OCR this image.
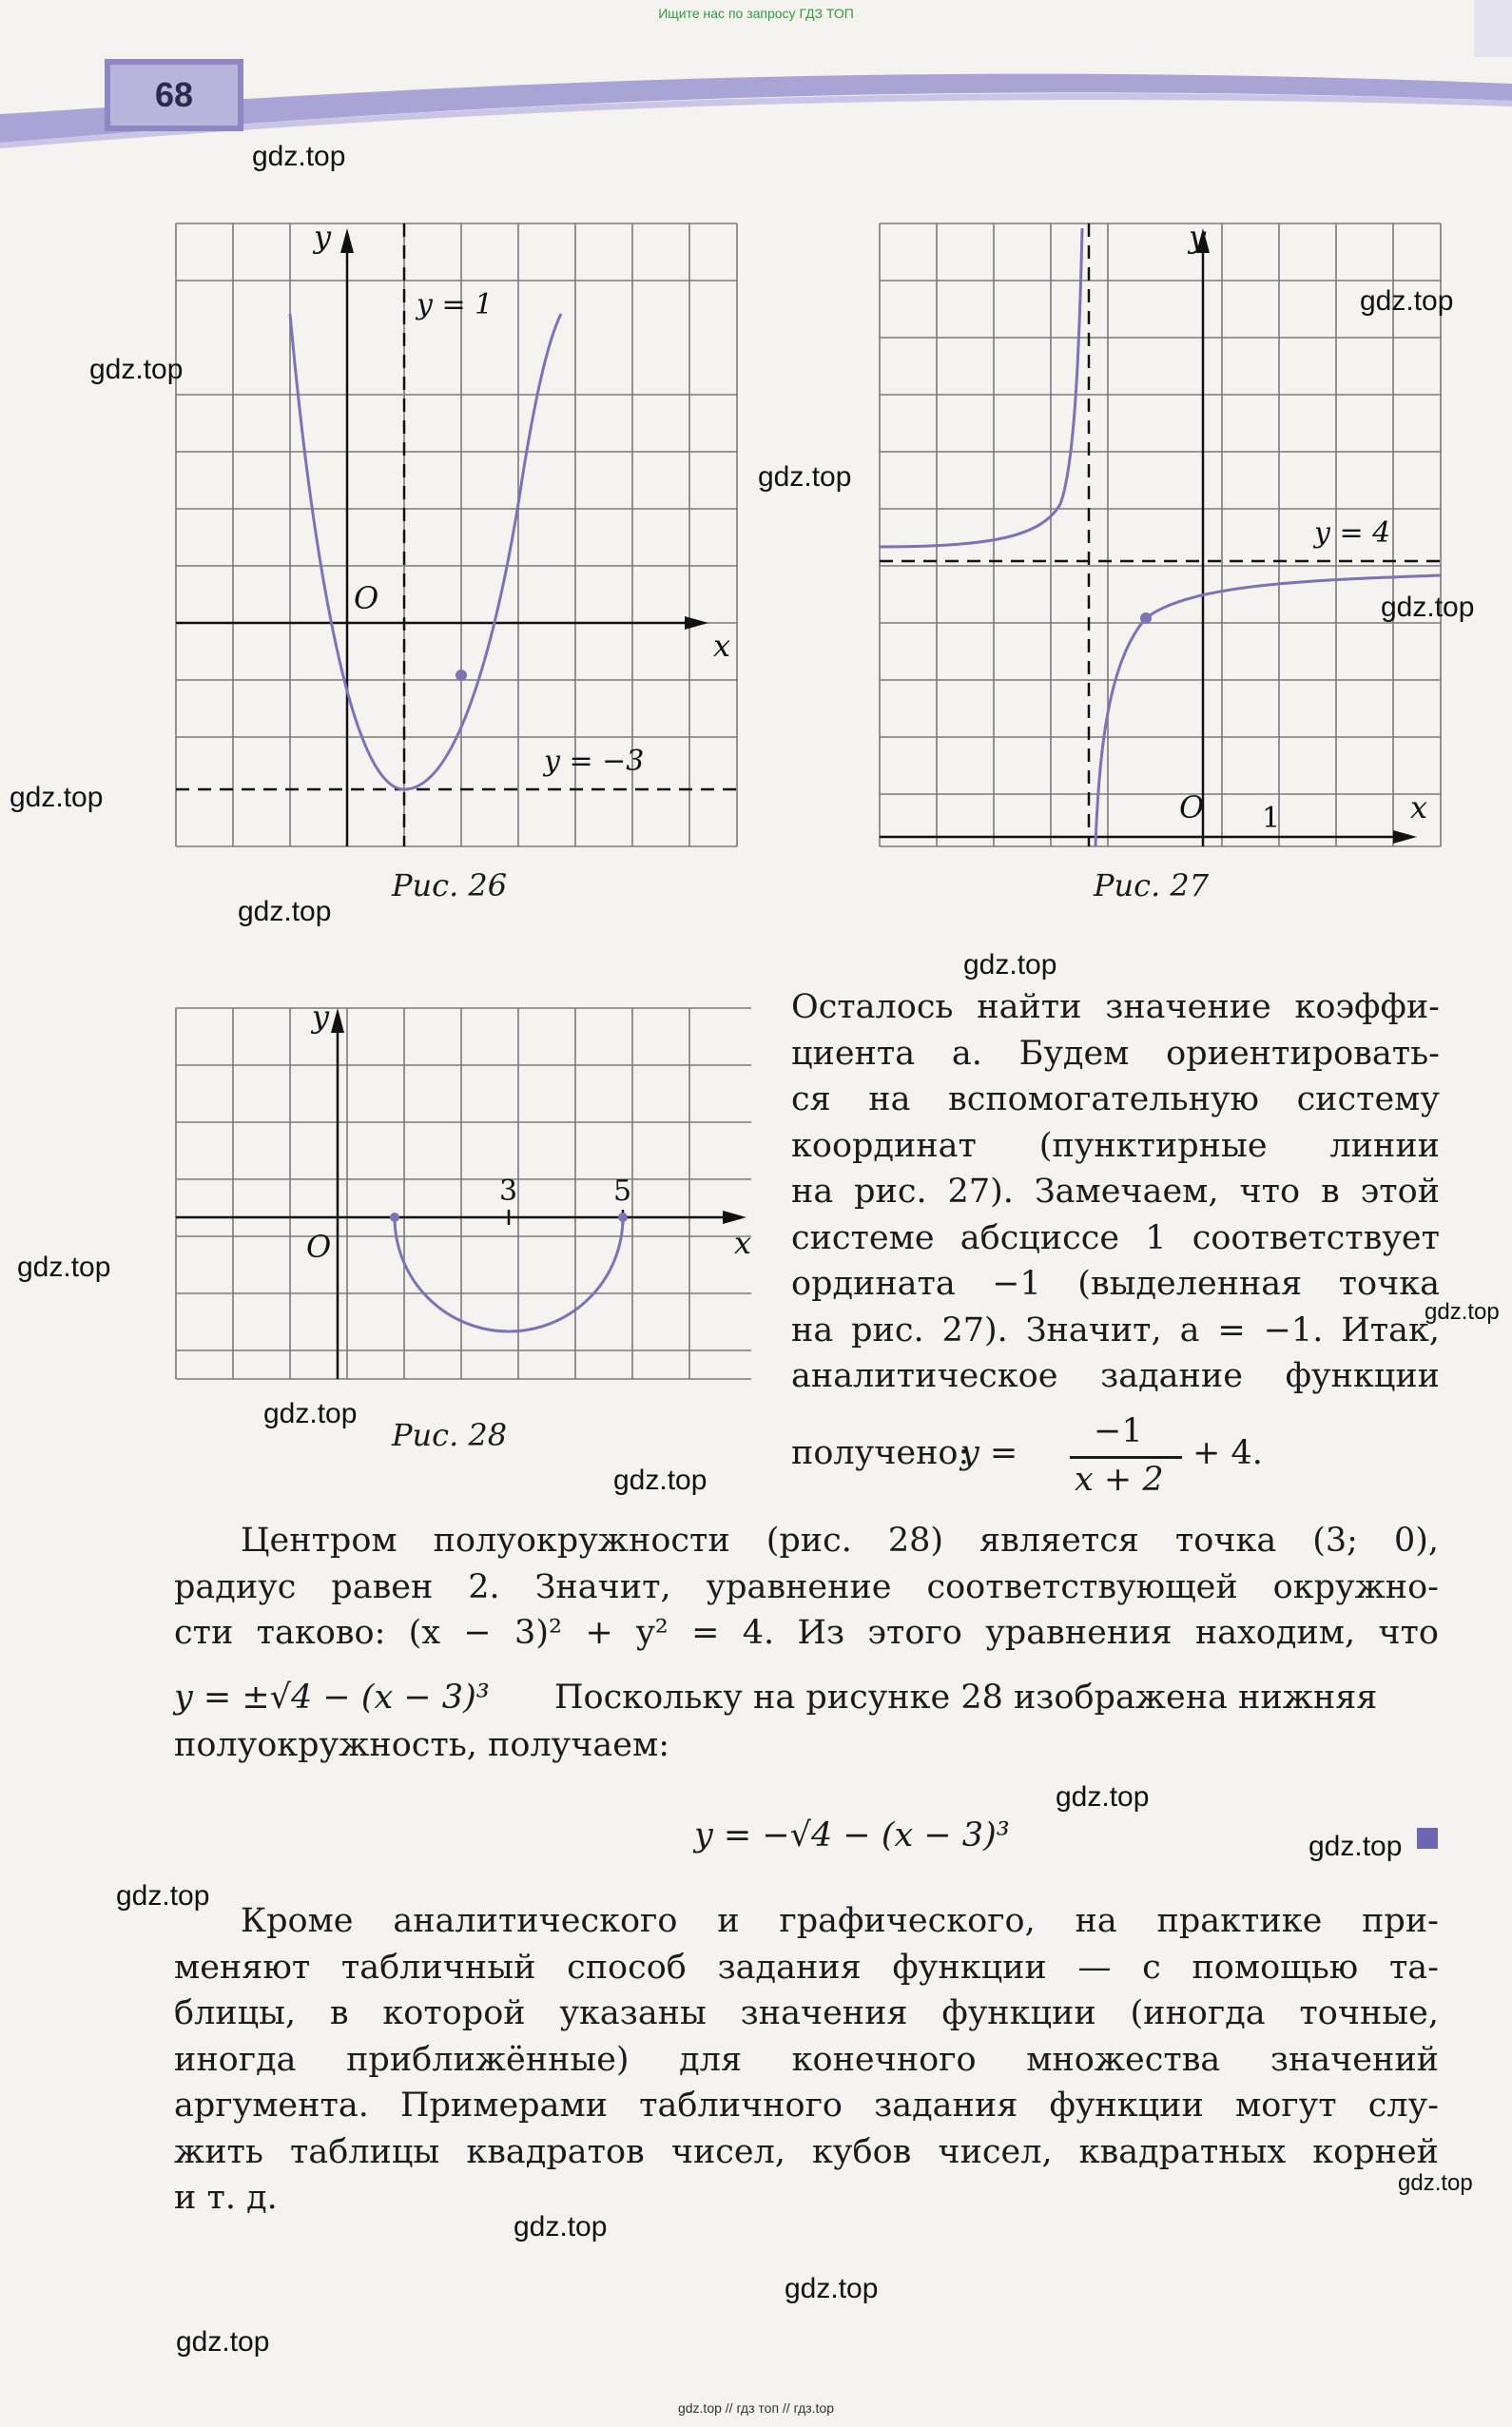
Ищите нас по запросу ГДЗ ТОП
68
y
x
O
y = 1
y = −3
Рис. 26
y
x
O 1
y = 4
Рис. 27
y
x
O
3	5
Рис. 28
Осталось найти значение коэффи-
циента a. Будем ориентировать-
ся на вспомогательную систему
координат (пунктирные линии
на рис. 27). Замечаем, что в этой
системе абсциссе 1 соответствует
ордината −1 (выделенная точка
на рис. 27). Значит, a = −1. Итак,
аналитическое задание функции
получено:
y =
−1
x + 2
+ 4.
Центром полуокружности (рис. 28) является точка (3; 0),
радиус равен 2. Значит, уравнение соответствующей окружно-
сти таково: (x − 3)² + y² = 4. Из этого уравнения находим, что
y = ±√4 − (x − 3)³ Поскольку на рисунке 28 изображена нижняя
полуокружность, получаем:
y = −√4 − (x − 3)³
Кроме аналитического и графического, на практике при-
меняют табличный способ задания функции — с помощью та-
блицы, в которой указаны значения функции (иногда точные,
иногда приближённые) для конечного множества значений
аргумента. Примерами табличного задания функции могут слу-
жить таблицы квадратов чисел, кубов чисел, квадратных корней
и т. д.
gdz.top
gdz.top
gdz.top
gdz.top
gdz.top
gdz.top
gdz.top
gdz.top
gdz.top
gdz.top
gdz.top
gdz.top
gdz.top
gdz.top
gdz.top
gdz.top
gdz.top
gdz.top
gdz.top
gdz.top // гдз топ // гдз.top
